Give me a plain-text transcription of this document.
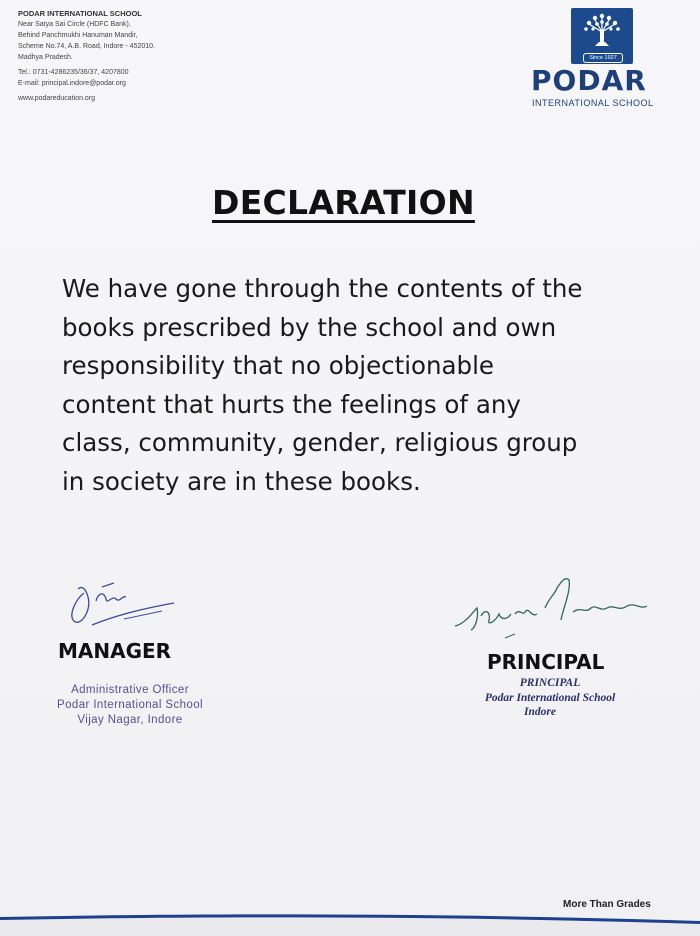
PODAR INTERNATIONAL SCHOOL
Near Satya Sai Circle (HDFC Bank),
Behind Panchmukhi Hanuman Mandir,
Scheme No.74, A.B. Road, Indore - 452010.
Madhya Pradesh.
Tel.: 0731-4286235/36/37, 4207800
E-mail: principal.indore@podar.org
www.podareducation.org
Since 1927
PODAR
INTERNATIONAL SCHOOL
DECLARATION
We have gone through the contents of the
books prescribed by the school and own
responsibility that no objectionable
content that hurts the feelings of any
class, community, gender, religious group
in society are in these books.
MANAGER	PRINCIPAL
Administrative Officer
Podar International School
Vijay Nagar, Indore
PRINCIPAL
Podar International School
Indore
More Than Grades
